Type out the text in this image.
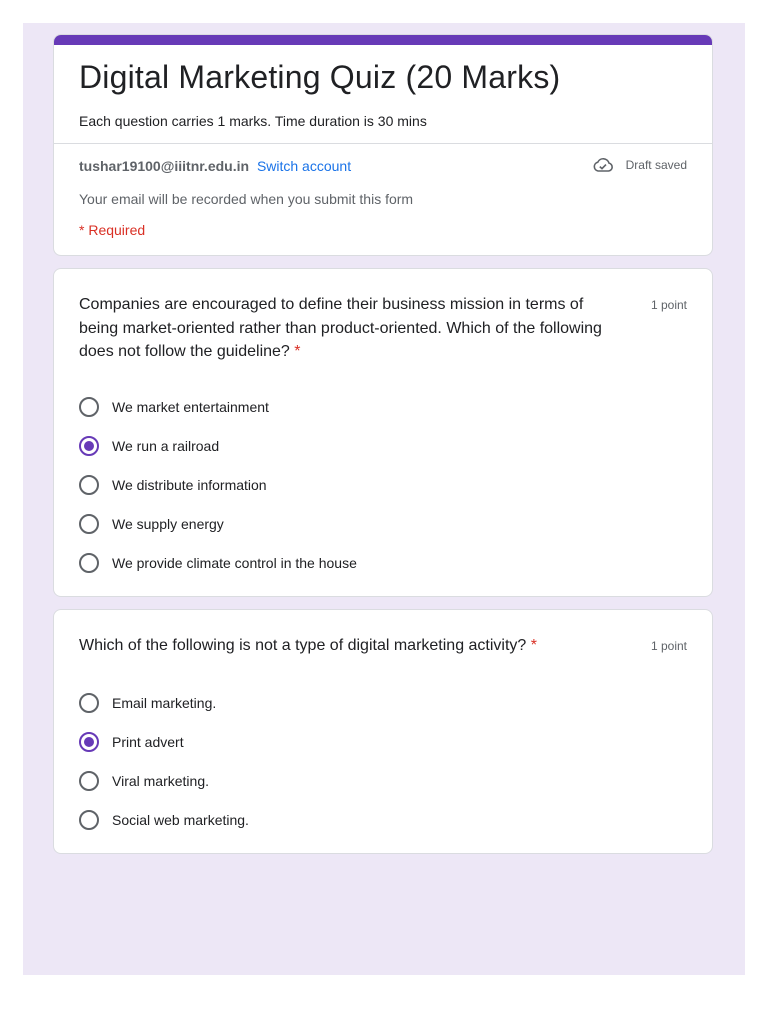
Digital Marketing Quiz (20 Marks)
Each question carries 1 marks. Time duration is 30 mins
tushar19100@iiitnr.edu.in Switch account	Draft saved
Your email will be recorded when you submit this form
* Required
Companies are encouraged to define their business mission in terms of being market-oriented rather than product-oriented. Which of the following does not follow the guideline? *
1 point
We market entertainment
We run a railroad
We distribute information
We supply energy
We provide climate control in the house
Which of the following is not a type of digital marketing activity? *	1 point
Email marketing.
Print advert
Viral marketing.
Social web marketing.
